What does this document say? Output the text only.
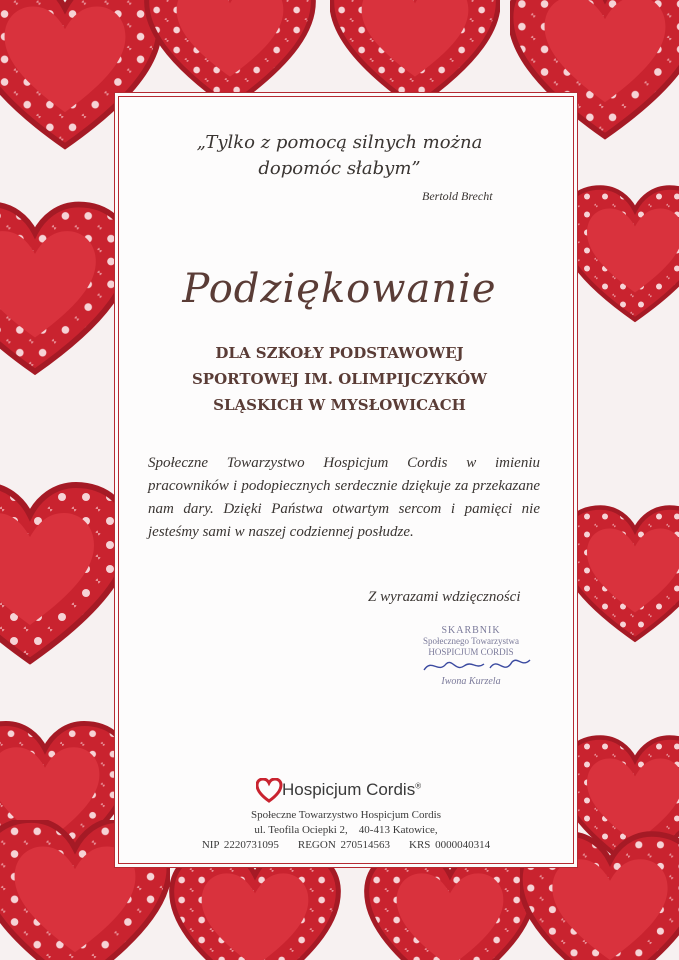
„Tylko z pomocą silnych można
dopomóc słabym”
Bertold Brecht
Podziękowanie
DLA SZKOŁY PODSTAWOWEJ
SPORTOWEJ IM. OLIMPIJCZYKÓW
SLĄSKICH W MYSŁOWICACH
Społeczne Towarzystwo Hospicjum Cordis w imieniu pracowników i podopiecznych serdecznie dziękuje za przekazane nam dary. Dzięki Państwa otwartym sercom i pamięci nie jesteśmy sami w naszej codziennej posłudze.
Z wyrazami wdzięczności
SKARBNIK
Społecznego Towarzystwa
HOSPICJUM CORDIS
Iwona Kurzela
Hospicjum Cordis®
Społeczne Towarzystwo Hospicjum Cordis
ul. Teofila Ociepki 2,    40-413 Katowice,
NIP 2220731095    REGON 270514563    KRS 0000040314
